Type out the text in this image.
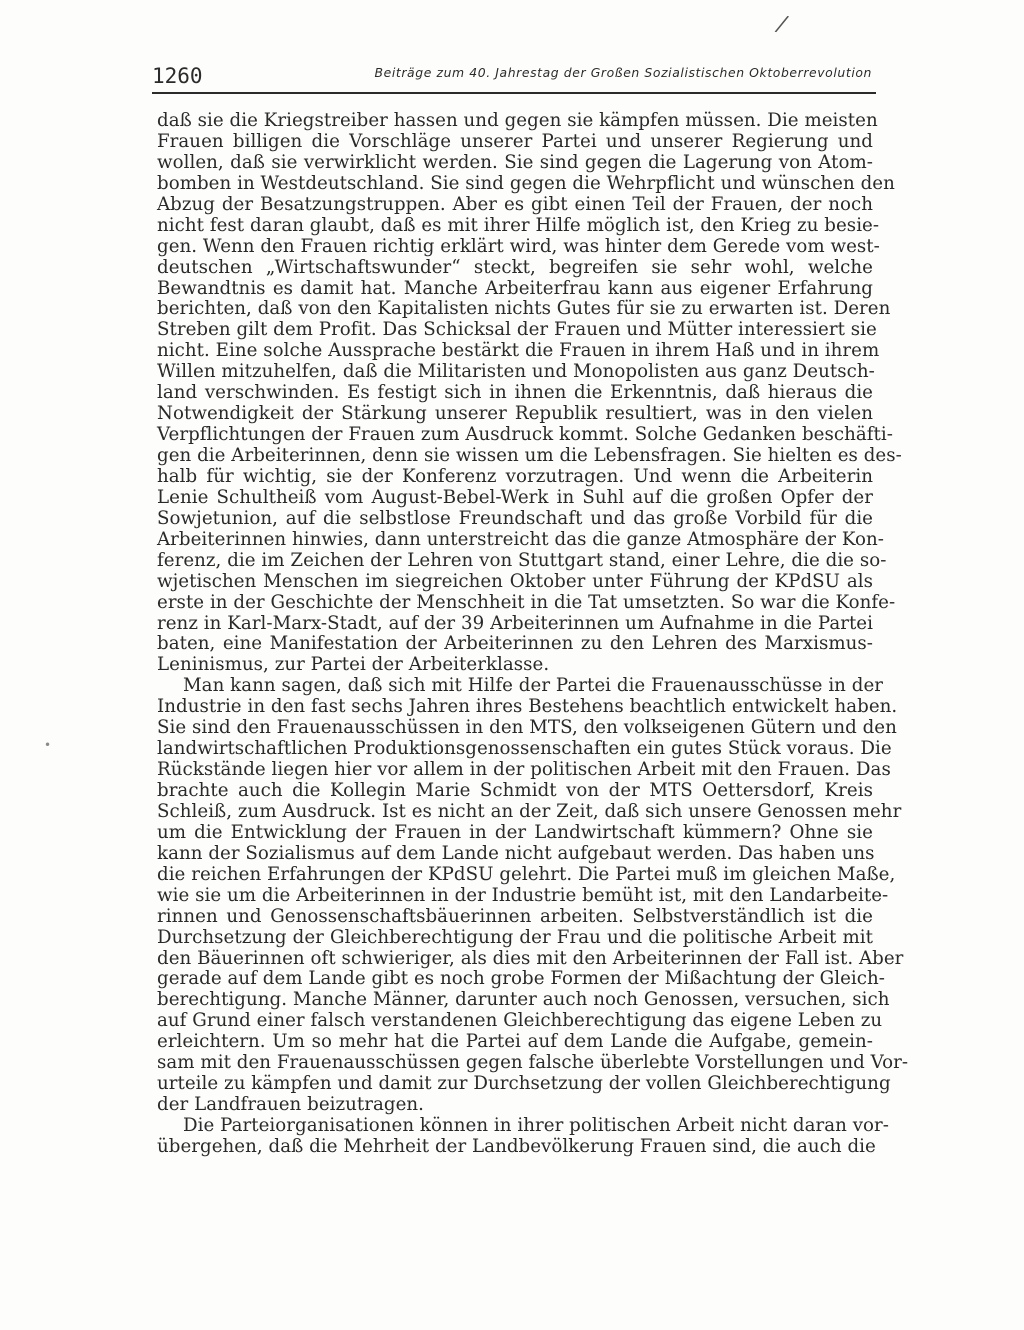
/
1260	Beiträge zum 40. Jahrestag der Großen Sozialistischen Oktoberrevolution
daß sie die Kriegstreiber hassen und gegen sie kämpfen müssen. Die meisten
Frauen billigen die Vorschläge unserer Partei und unserer Regierung und
wollen, daß sie verwirklicht werden. Sie sind gegen die Lagerung von Atom-
bomben in Westdeutschland. Sie sind gegen die Wehrpflicht und wünschen den
Abzug der Besatzungstruppen. Aber es gibt einen Teil der Frauen, der noch
nicht fest daran glaubt, daß es mit ihrer Hilfe möglich ist, den Krieg zu besie-
gen. Wenn den Frauen richtig erklärt wird, was hinter dem Gerede vom west-
deutschen „Wirtschaftswunder“ steckt, begreifen sie sehr wohl, welche
Bewandtnis es damit hat. Manche Arbeiterfrau kann aus eigener Erfahrung
berichten, daß von den Kapitalisten nichts Gutes für sie zu erwarten ist. Deren
Streben gilt dem Profit. Das Schicksal der Frauen und Mütter interessiert sie
nicht. Eine solche Aussprache bestärkt die Frauen in ihrem Haß und in ihrem
Willen mitzuhelfen, daß die Militaristen und Monopolisten aus ganz Deutsch-
land verschwinden. Es festigt sich in ihnen die Erkenntnis, daß hieraus die
Notwendigkeit der Stärkung unserer Republik resultiert, was in den vielen
Verpflichtungen der Frauen zum Ausdruck kommt. Solche Gedanken beschäfti-
gen die Arbeiterinnen, denn sie wissen um die Lebensfragen. Sie hielten es des-
halb für wichtig, sie der Konferenz vorzutragen. Und wenn die Arbeiterin
Lenie Schultheiß vom August-Bebel-Werk in Suhl auf die großen Opfer der
Sowjetunion, auf die selbstlose Freundschaft und das große Vorbild für die
Arbeiterinnen hinwies, dann unterstreicht das die ganze Atmosphäre der Kon-
ferenz, die im Zeichen der Lehren von Stuttgart stand, einer Lehre, die die so-
wjetischen Menschen im siegreichen Oktober unter Führung der KPdSU als
erste in der Geschichte der Menschheit in die Tat umsetzten. So war die Konfe-
renz in Karl-Marx-Stadt, auf der 39 Arbeiterinnen um Aufnahme in die Partei
baten, eine Manifestation der Arbeiterinnen zu den Lehren des Marxismus-
Leninismus, zur Partei der Arbeiterklasse.
Man kann sagen, daß sich mit Hilfe der Partei die Frauenausschüsse in der
Industrie in den fast sechs Jahren ihres Bestehens beachtlich entwickelt haben.
Sie sind den Frauenausschüssen in den MTS, den volkseigenen Gütern und den
landwirtschaftlichen Produktionsgenossenschaften ein gutes Stück voraus. Die
Rückstände liegen hier vor allem in der politischen Arbeit mit den Frauen. Das
brachte auch die Kollegin Marie Schmidt von der MTS Oettersdorf, Kreis
Schleiß, zum Ausdruck. Ist es nicht an der Zeit, daß sich unsere Genossen mehr
um die Entwicklung der Frauen in der Landwirtschaft kümmern? Ohne sie
kann der Sozialismus auf dem Lande nicht aufgebaut werden. Das haben uns
die reichen Erfahrungen der KPdSU gelehrt. Die Partei muß im gleichen Maße,
wie sie um die Arbeiterinnen in der Industrie bemüht ist, mit den Landarbeite-
rinnen und Genossenschaftsbäuerinnen arbeiten. Selbstverständlich ist die
Durchsetzung der Gleichberechtigung der Frau und die politische Arbeit mit
den Bäuerinnen oft schwieriger, als dies mit den Arbeiterinnen der Fall ist. Aber
gerade auf dem Lande gibt es noch grobe Formen der Mißachtung der Gleich-
berechtigung. Manche Männer, darunter auch noch Genossen, versuchen, sich
auf Grund einer falsch verstandenen Gleichberechtigung das eigene Leben zu
erleichtern. Um so mehr hat die Partei auf dem Lande die Aufgabe, gemein-
sam mit den Frauenausschüssen gegen falsche überlebte Vorstellungen und Vor-
urteile zu kämpfen und damit zur Durchsetzung der vollen Gleichberechtigung
der Landfrauen beizutragen.
Die Parteiorganisationen können in ihrer politischen Arbeit nicht daran vor-
übergehen, daß die Mehrheit der Landbevölkerung Frauen sind, die auch die
•
